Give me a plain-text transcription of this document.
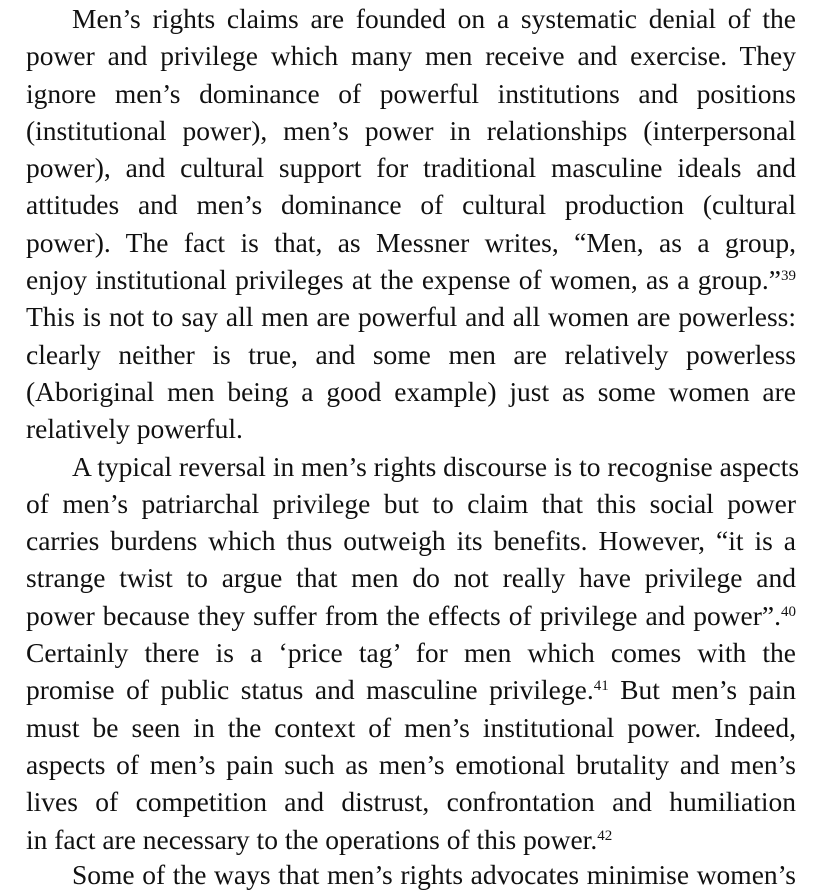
Men’s rights claims are founded on a systematic denial of the
power and privilege which many men receive and exercise. They
ignore men’s dominance of powerful institutions and positions
(institutional power), men’s power in relationships (interpersonal
power), and cultural support for traditional masculine ideals and
attitudes and men’s dominance of cultural production (cultural
power). The fact is that, as Messner writes, “Men, as a group,
enjoy institutional privileges at the expense of women, as a group.”$^{39}$
This is not to say all men are powerful and all women are powerless:
clearly neither is true, and some men are relatively powerless
(Aboriginal men being a good example) just as some women are
relatively powerful.
A typical reversal in men’s rights discourse is to recognise aspects
of men’s patriarchal privilege but to claim that this social power
carries burdens which thus outweigh its benefits. However, “it is a
strange twist to argue that men do not really have privilege and
power because they suffer from the effects of privilege and power”.$^{40}$
Certainly there is a ‘price tag’ for men which comes with the
promise of public status and masculine privilege.$^{41}$ But men’s pain
must be seen in the context of men’s institutional power. Indeed,
aspects of men’s pain such as men’s emotional brutality and men’s
lives of competition and distrust, confrontation and humiliation
in fact are necessary to the operations of this power.$^{42}$
Some of the ways that men’s rights advocates minimise women’s
